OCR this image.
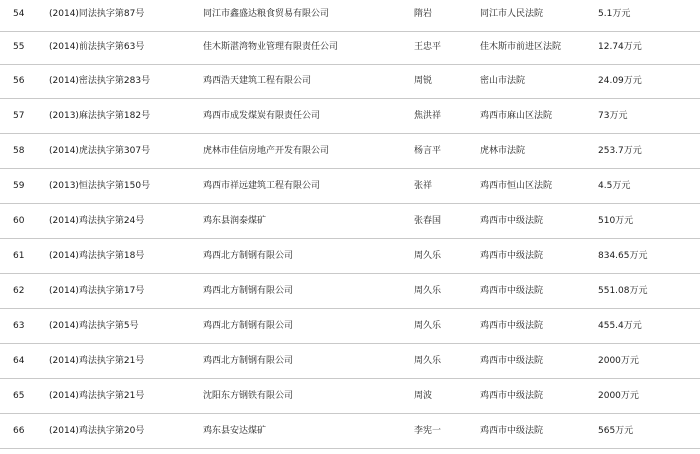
54	(2014)同法执字第87号	同江市鑫盛达粮食贸易有限公司	隋岩	同江市人民法院	5.1万元
55	(2014)前法执字第63号	佳木斯湛湾物业管理有限责任公司	王忠平	佳木斯市前进区法院	12.74万元
56	(2014)密法执字第283号	鸡西浩天建筑工程有限公司	周锐	密山市法院	24.09万元
57	(2013)麻法执字第182号	鸡西市成发煤炭有限责任公司	焦洪祥	鸡西市麻山区法院	73万元
58	(2014)虎法执字第307号	虎林市佳信房地产开发有限公司	杨言平	虎林市法院	253.7万元
59	(2013)恒法执字第150号	鸡西市祥远建筑工程有限公司	张祥	鸡西市恒山区法院	4.5万元
60	(2014)鸡法执字第24号	鸡东县润泰煤矿	张春国	鸡西市中级法院	510万元
61	(2014)鸡法执字第18号	鸡西北方制钢有限公司	周久乐	鸡西市中级法院	834.65万元
62	(2014)鸡法执字第17号	鸡西北方制钢有限公司	周久乐	鸡西市中级法院	551.08万元
63	(2014)鸡法执字第5号	鸡西北方制钢有限公司	周久乐	鸡西市中级法院	455.4万元
64	(2014)鸡法执字第21号	鸡西北方制钢有限公司	周久乐	鸡西市中级法院	2000万元
65	(2014)鸡法执字第21号	沈阳东方钢铁有限公司	周波	鸡西市中级法院	2000万元
66	(2014)鸡法执字第20号	鸡东县安达煤矿	李宪一	鸡西市中级法院	565万元
